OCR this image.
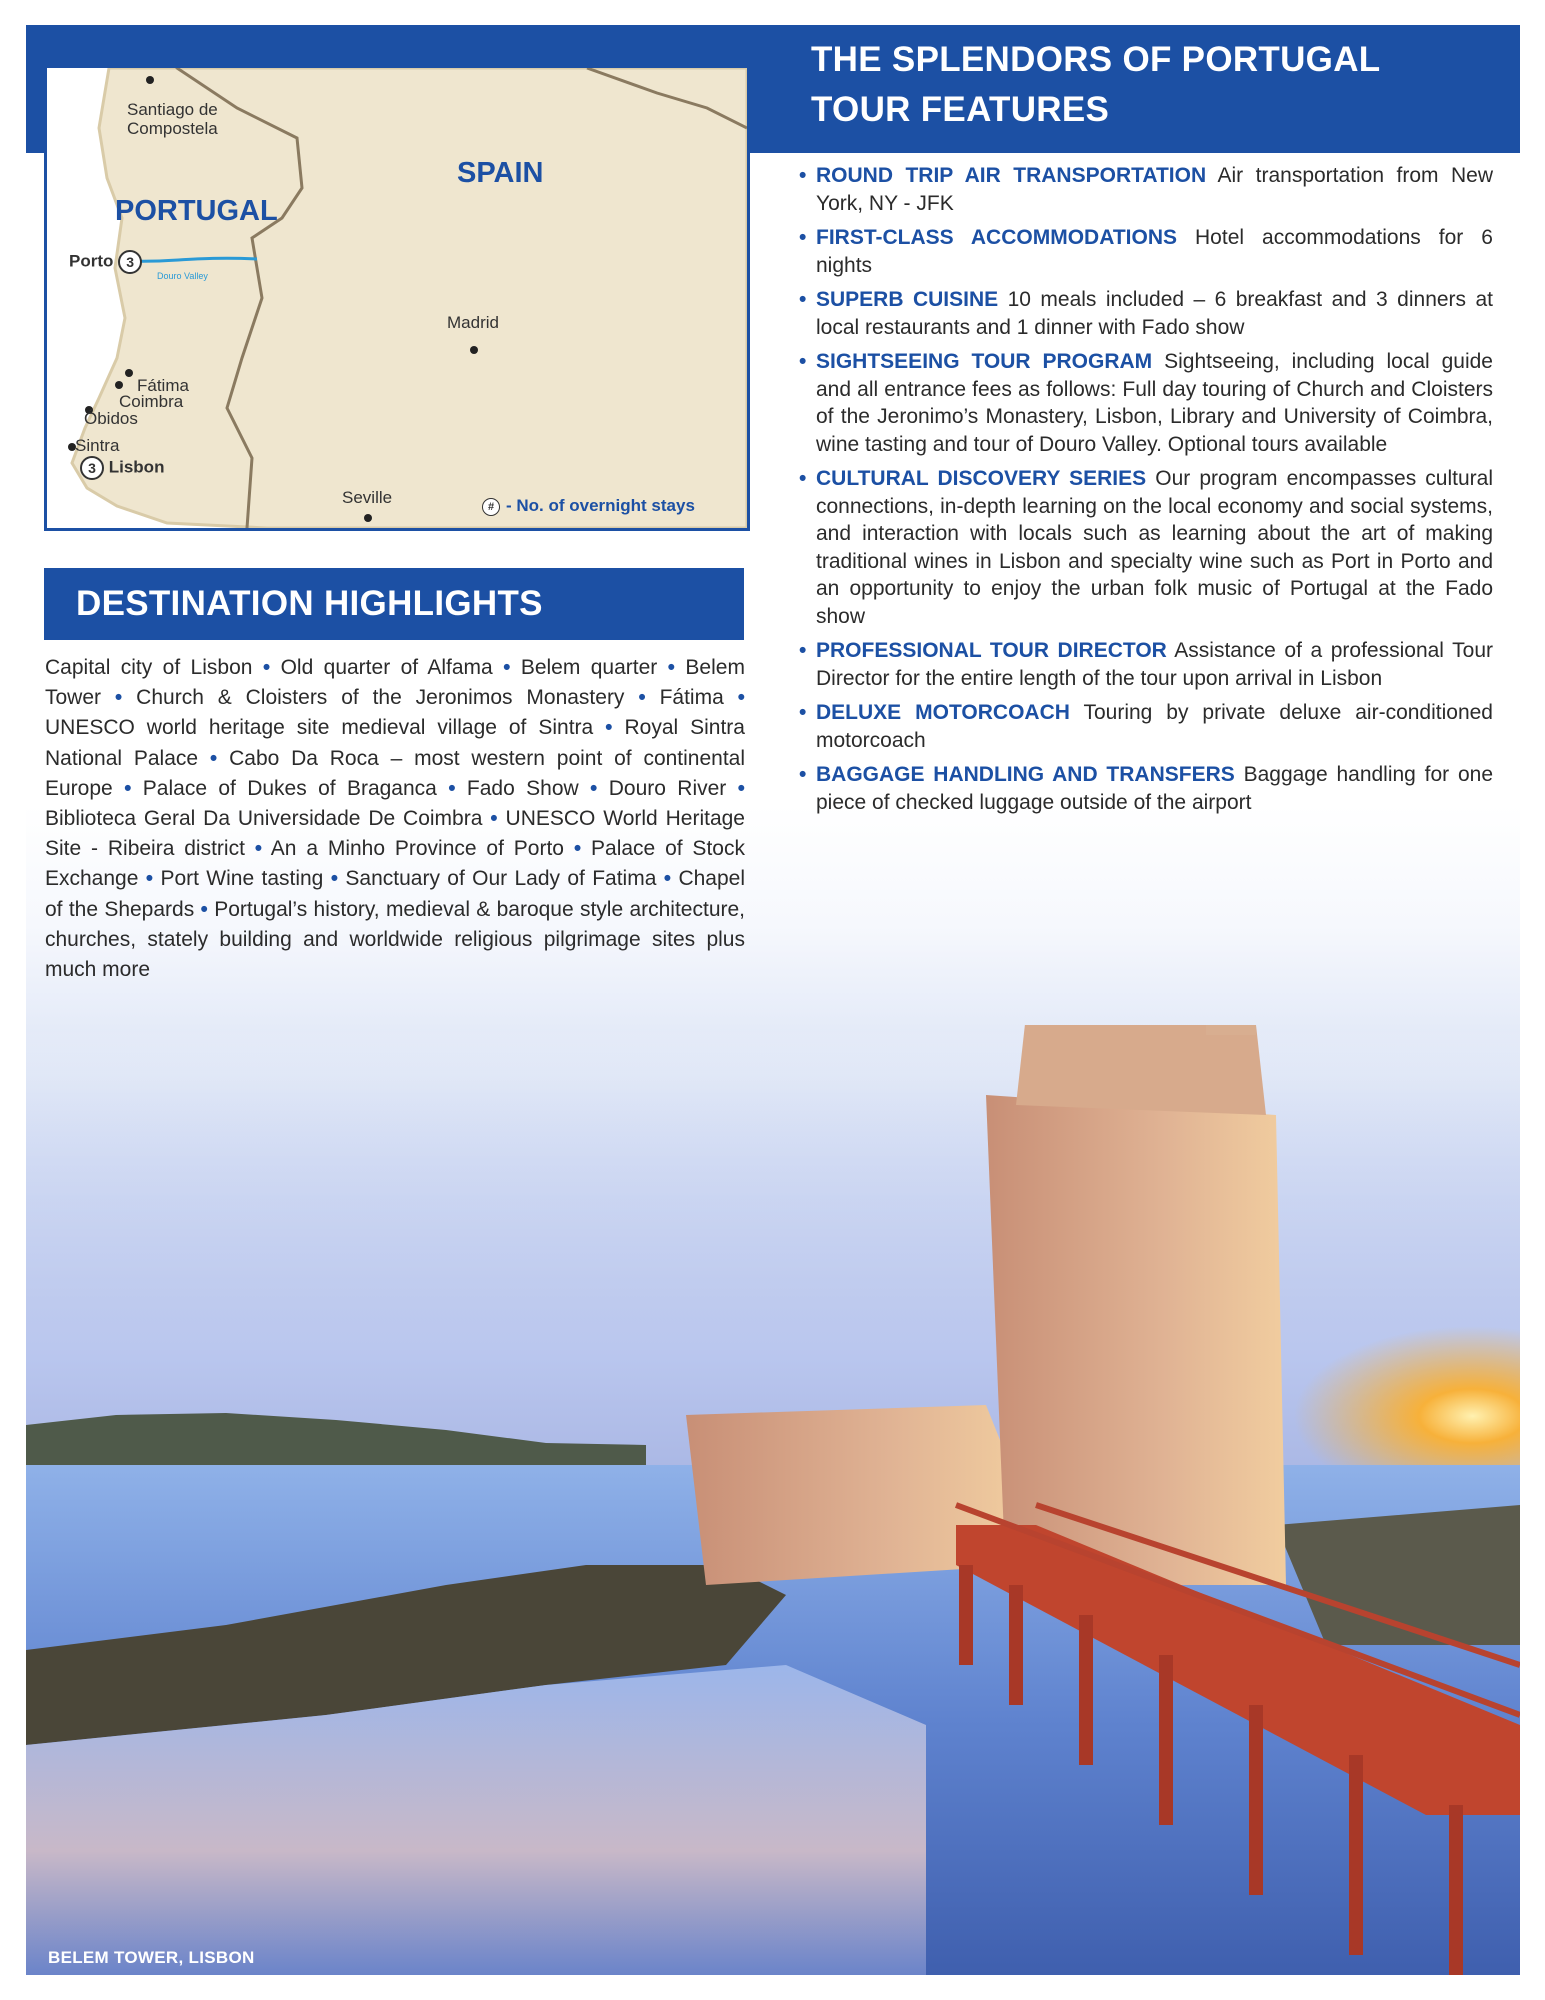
THE SPLENDORS OF PORTUGAL
TOUR FEATURES
Santiago de
Compostela
PORTUGAL
SPAIN
Porto 3
Douro Valley
Madrid
Fátima
Coimbra
Óbidos
Sintra
3 Lisbon
Seville	# - No. of overnight stays
DESTINATION HIGHLIGHTS

Capital city of Lisbon • Old quarter of Alfama • Belem quarter • Belem Tower • Church & Cloisters of the Jeronimos Monastery • Fátima • UNESCO world heritage site medieval village of Sintra • Royal Sintra National Palace • Cabo Da Roca – most western point of continental Europe • Palace of Dukes of Braganca • Fado Show • Douro River • Biblioteca Geral Da Universidade De Coimbra • UNESCO World Heritage Site - Ribeira district • An a Minho Province of Porto • Palace of Stock Exchange • Port Wine tasting • Sanctuary of Our Lady of Fatima • Chapel of the Shepards • Portugal’s history, medieval & baroque style architecture, churches, stately building and worldwide religious pilgrimage sites plus much more

• ROUND TRIP AIR TRANSPORTATION Air transportation from New York, NY - JFK
• FIRST-CLASS ACCOMMODATIONS Hotel accommodations for 6 nights
• SUPERB CUISINE 10 meals included – 6 breakfast and 3 dinners at local restaurants and 1 dinner with Fado show
• SIGHTSEEING TOUR PROGRAM Sightseeing, including local guide and all entrance fees as follows: Full day touring of Church and Cloisters of the Jeronimo’s Monastery, Lisbon, Library and University of Coimbra, wine tasting and tour of Douro Valley. Optional tours available
• CULTURAL DISCOVERY SERIES Our program encompasses cultural connections, in-depth learning on the local economy and social systems, and interaction with locals such as learning about the art of making traditional wines in Lisbon and specialty wine such as Port in Porto and an opportunity to enjoy the urban folk music of Portugal at the Fado show
• PROFESSIONAL TOUR DIRECTOR Assistance of a professional Tour Director for the entire length of the tour upon arrival in Lisbon
• DELUXE MOTORCOACH Touring by private deluxe air-conditioned motorcoach
• BAGGAGE HANDLING AND TRANSFERS Baggage handling for one piece of checked luggage outside of the airport
BELEM TOWER, LISBON
